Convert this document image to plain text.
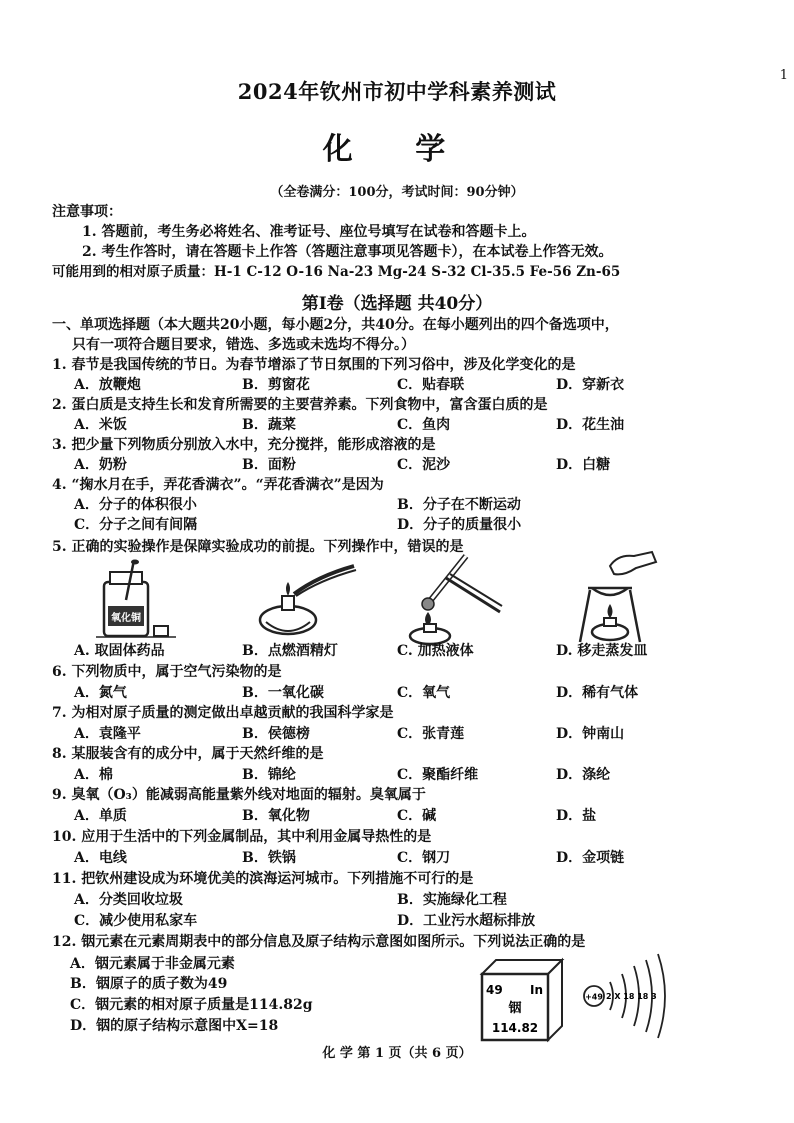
1
2024年钦州市初中学科素养测试
化 学
（全卷满分：100分，考试时间：90分钟）
注意事项：
1. 答题前，考生务必将姓名、准考证号、座位号填写在试卷和答题卡上。
2. 考生作答时，请在答题卡上作答（答题注意事项见答题卡），在本试卷上作答无效。
可能用到的相对原子质量：H-1 C-12 O-16 Na-23 Mg-24 S-32 Cl-35.5 Fe-56 Zn-65
第Ⅰ卷（选择题 共40分）
一、单项选择题（本大题共20小题，每小题2分，共40分。在每小题列出的四个备选项中，
只有一项符合题目要求，错选、多选或未选均不得分。）
1. 春节是我国传统的节日。为春节增添了节日氛围的下列习俗中，涉及化学变化的是
A．放鞭炮	B．剪窗花	C．贴春联	D．穿新衣
2. 蛋白质是支持生长和发育所需要的主要营养素。下列食物中，富含蛋白质的是
A．米饭	B．蔬菜	C．鱼肉	D．花生油
3. 把少量下列物质分别放入水中，充分搅拌，能形成溶液的是
A．奶粉	B．面粉	C．泥沙	D．白糖
4. “掬水月在手，弄花香满衣”。“弄花香满衣”是因为
A．分子的体积很小	B．分子在不断运动
C．分子之间有间隔	D．分子的质量很小
5. 正确的实验操作是保障实验成功的前提。下列操作中，错误的是
氧化铜
A. 取固体药品	B．点燃酒精灯	C. 加热液体	D. 移走蒸发皿
6. 下列物质中，属于空气污染物的是
A．氮气	B．一氧化碳	C．氧气	D．稀有气体
7. 为相对原子质量的测定做出卓越贡献的我国科学家是
A．袁隆平	B．侯德榜	C．张青莲	D．钟南山
8. 某服装含有的成分中，属于天然纤维的是
A．棉	B．锦纶	C．聚酯纤维	D．涤纶
9. 臭氧（O₃）能减弱高能量紫外线对地面的辐射。臭氧属于
A．单质	B．氧化物	C．碱	D．盐
10. 应用于生活中的下列金属制品，其中利用金属导热性的是
A．电线	B．铁锅	C．钢刀	D．金项链
11. 把钦州建设成为环境优美的滨海运河城市。下列措施不可行的是
A．分类回收垃圾	B．实施绿化工程
C．减少使用私家车	D．工业污水超标排放
12. 铟元素在元素周期表中的部分信息及原子结构示意图如图所示。下列说法正确的是
A．铟元素属于非金属元素
B．铟原子的质子数为49
C．铟元素的相对原子质量是114.82g
D．铟的原子结构示意图中X=18
49 In
铟
114.82
+49 2 X 18 18 3
化 学 第 1 页（共 6 页）
